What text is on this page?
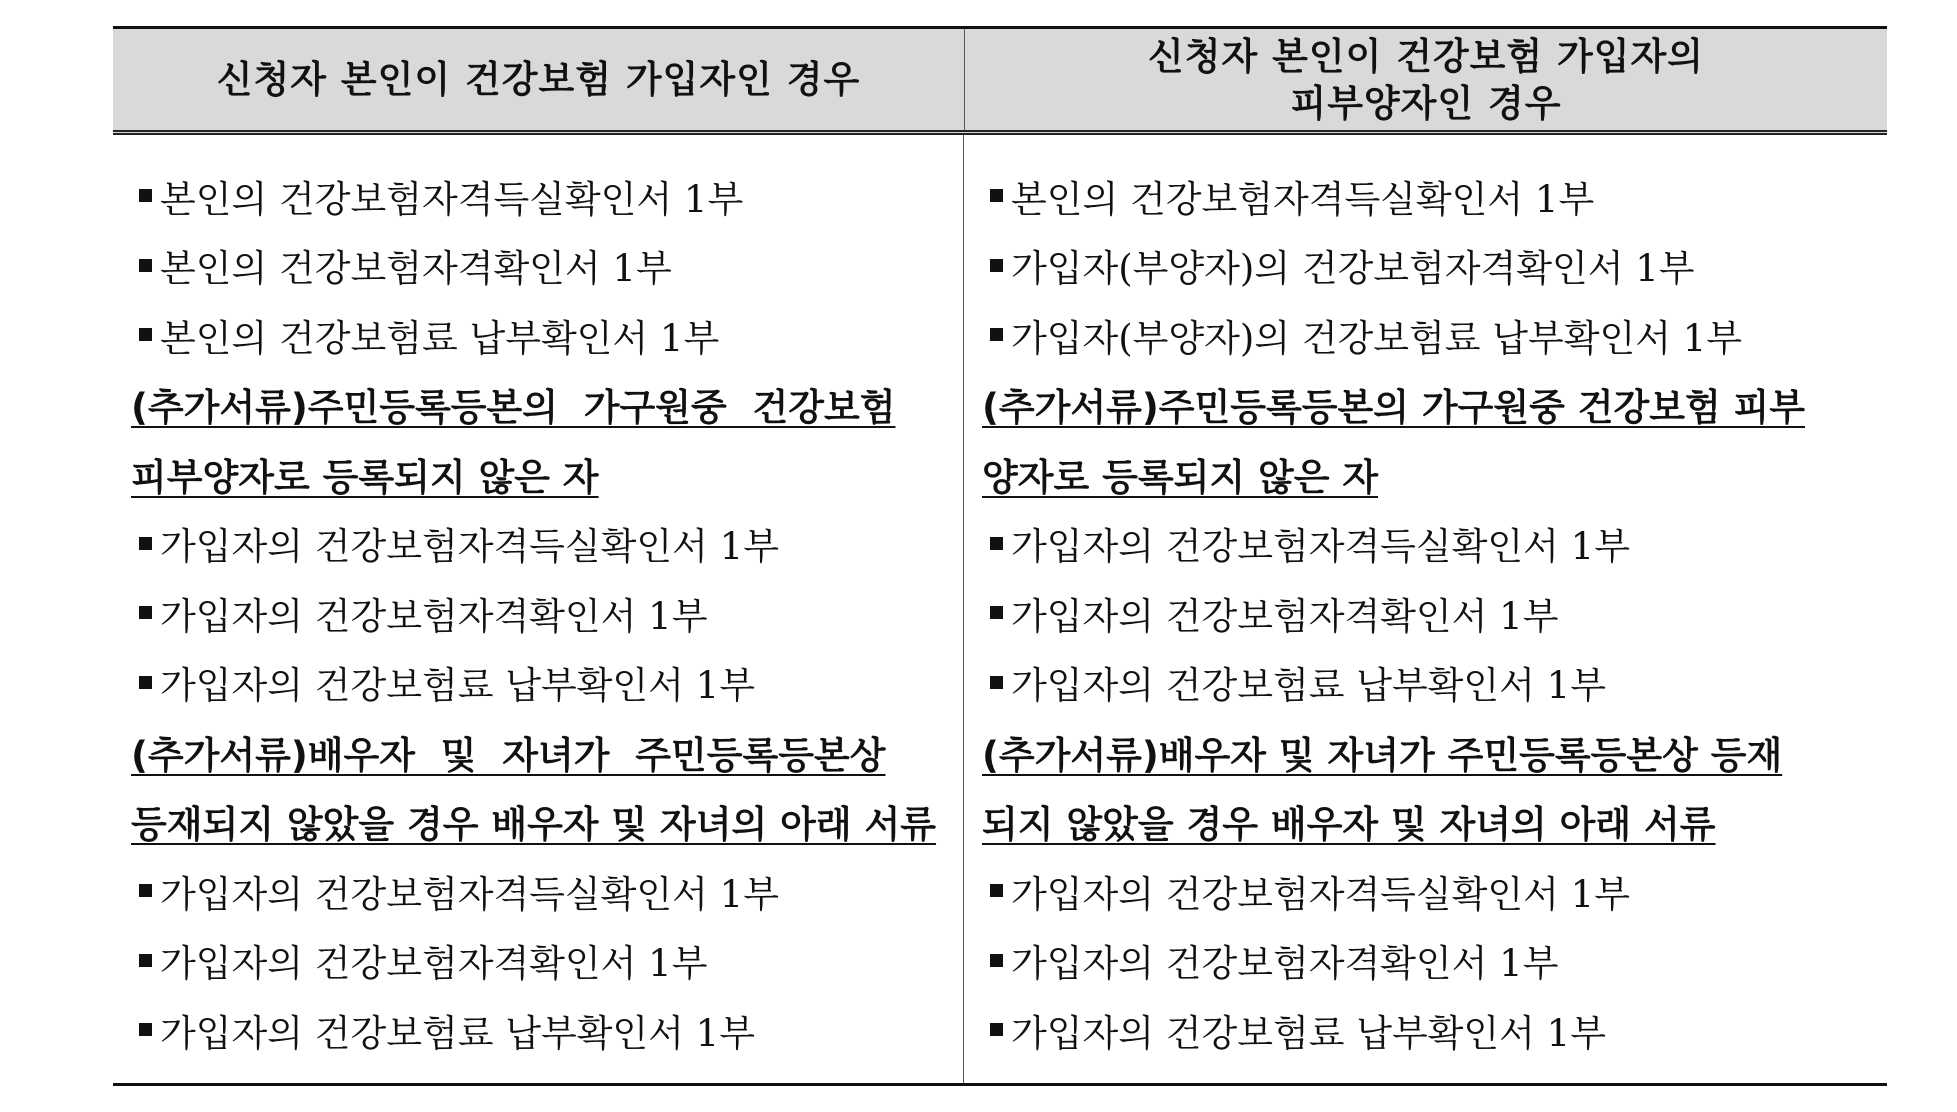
신청자 본인이 건강보험 가입자인 경우
신청자 본인이 건강보험 가입자의
피부양자인 경우
본인의 건강보험자격득실확인서 1부
본인의 건강보험자격확인서 1부
본인의 건강보험료 납부확인서 1부
(추가서류)주민등록등본의  가구원중  건강보험
피부양자로 등록되지 않은 자
가입자의 건강보험자격득실확인서 1부
가입자의 건강보험자격확인서 1부
가입자의 건강보험료 납부확인서 1부
(추가서류)배우자  및  자녀가  주민등록등본상
등재되지 않았을 경우 배우자 및 자녀의 아래 서류
가입자의 건강보험자격득실확인서 1부
가입자의 건강보험자격확인서 1부
가입자의 건강보험료 납부확인서 1부
본인의 건강보험자격득실확인서 1부
가입자(부양자)의 건강보험자격확인서 1부
가입자(부양자)의 건강보험료 납부확인서 1부
(추가서류)주민등록등본의 가구원중 건강보험 피부
양자로 등록되지 않은 자
가입자의 건강보험자격득실확인서 1부
가입자의 건강보험자격확인서 1부
가입자의 건강보험료 납부확인서 1부
(추가서류)배우자 및 자녀가 주민등록등본상 등재
되지 않았을 경우 배우자 및 자녀의 아래 서류
가입자의 건강보험자격득실확인서 1부
가입자의 건강보험자격확인서 1부
가입자의 건강보험료 납부확인서 1부
